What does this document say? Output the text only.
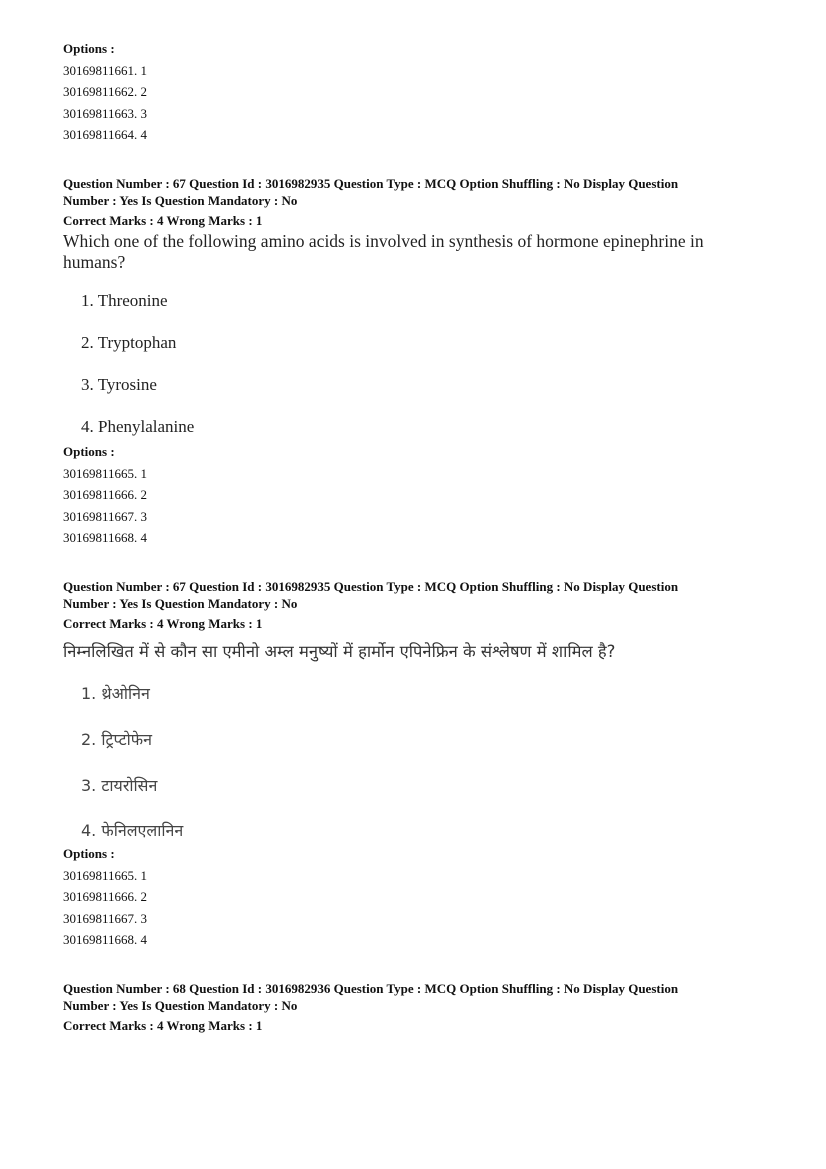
Options :
30169811661. 1
30169811662. 2
30169811663. 3
30169811664. 4
Question Number : 67 Question Id : 3016982935 Question Type : MCQ Option Shuffling : No Display Question
Number : Yes Is Question Mandatory : No
Correct Marks : 4 Wrong Marks : 1
Which one of the following amino acids is involved in synthesis of hormone epinephrine in
humans?
1. Threonine
2. Tryptophan
3. Tyrosine
4. Phenylalanine
Options :
30169811665. 1
30169811666. 2
30169811667. 3
30169811668. 4
Question Number : 67 Question Id : 3016982935 Question Type : MCQ Option Shuffling : No Display Question
Number : Yes Is Question Mandatory : No
Correct Marks : 4 Wrong Marks : 1
निम्नलिखित में से कौन सा एमीनो अम्ल मनुष्यों में हार्मोन एपिनेफ्रिन के संश्लेषण में शामिल है?
1. थ्रेओनिन
2. ट्रिप्टोफेन
3. टायरोसिन
4. फेनिलएलानिन
Options :
30169811665. 1
30169811666. 2
30169811667. 3
30169811668. 4
Question Number : 68 Question Id : 3016982936 Question Type : MCQ Option Shuffling : No Display Question
Number : Yes Is Question Mandatory : No
Correct Marks : 4 Wrong Marks : 1
